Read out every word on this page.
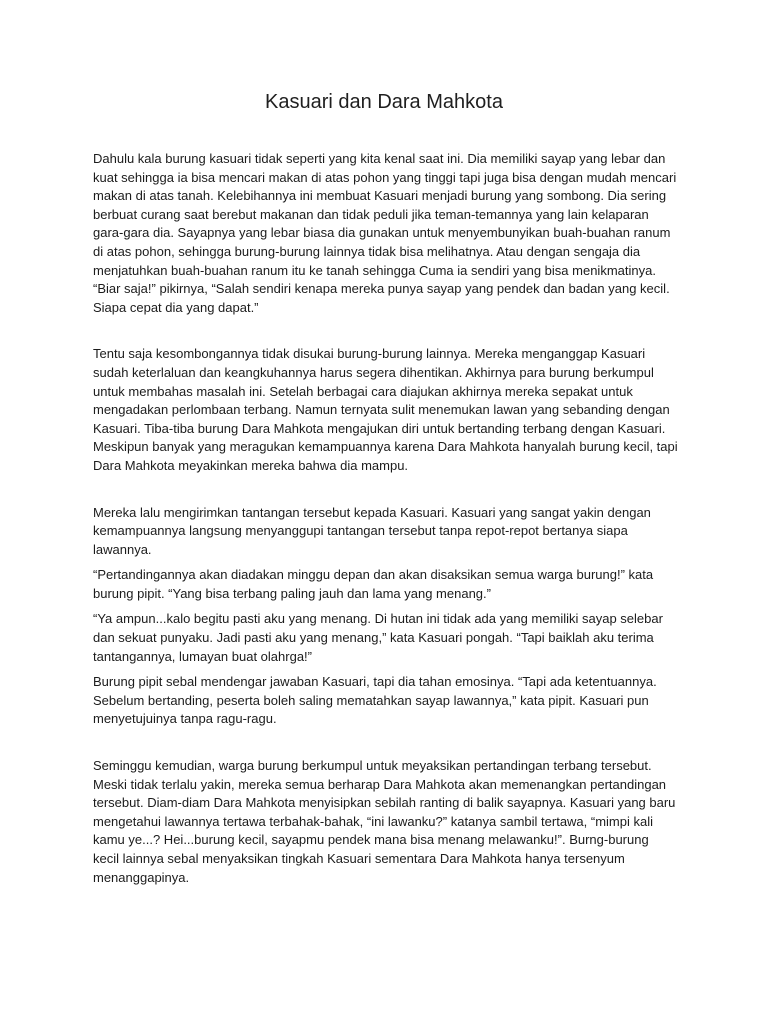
Kasuari dan Dara Mahkota

Dahulu kala burung kasuari tidak seperti yang kita kenal saat ini. Dia memiliki sayap yang lebar dan kuat sehingga ia bisa mencari makan di atas pohon yang tinggi tapi juga bisa dengan mudah mencari makan di atas tanah. Kelebihannya ini membuat Kasuari menjadi burung yang sombong. Dia sering berbuat curang saat berebut makanan dan tidak peduli jika teman-temannya yang lain kelaparan gara-gara dia. Sayapnya yang lebar biasa dia gunakan untuk menyembunyikan buah-buahan ranum di atas pohon, sehingga burung-burung lainnya tidak bisa melihatnya. Atau dengan sengaja dia menjatuhkan buah-buahan ranum itu ke tanah sehingga Cuma ia sendiri yang bisa menikmatinya. “Biar saja!” pikirnya, “Salah sendiri kenapa mereka punya sayap yang pendek dan badan yang kecil. Siapa cepat dia yang dapat.”

Tentu saja kesombongannya tidak disukai burung-burung lainnya. Mereka menganggap Kasuari sudah keterlaluan dan keangkuhannya harus segera dihentikan. Akhirnya para burung berkumpul untuk membahas masalah ini. Setelah berbagai cara diajukan akhirnya mereka sepakat untuk mengadakan perlombaan terbang. Namun ternyata sulit menemukan lawan yang sebanding dengan Kasuari. Tiba-tiba burung Dara Mahkota mengajukan diri untuk bertanding terbang dengan Kasuari. Meskipun banyak yang meragukan kemampuannya karena Dara Mahkota hanyalah burung kecil, tapi Dara Mahkota meyakinkan mereka bahwa dia mampu.

Mereka lalu mengirimkan tantangan tersebut kepada Kasuari. Kasuari yang sangat yakin dengan kemampuannya langsung menyanggupi tantangan tersebut tanpa repot-repot bertanya siapa lawannya.

“Pertandingannya akan diadakan minggu depan dan akan disaksikan semua warga burung!” kata burung pipit. “Yang bisa terbang paling jauh dan lama yang menang.”

“Ya ampun...kalo begitu pasti aku yang menang. Di hutan ini tidak ada yang memiliki sayap selebar dan sekuat punyaku. Jadi pasti aku yang menang,” kata Kasuari pongah. “Tapi baiklah aku terima tantangannya, lumayan buat olahrga!”

Burung pipit sebal mendengar jawaban Kasuari, tapi dia tahan emosinya. “Tapi ada ketentuannya. Sebelum bertanding, peserta boleh saling mematahkan sayap lawannya,” kata pipit. Kasuari pun menyetujuinya tanpa ragu-ragu.

Seminggu kemudian, warga burung berkumpul untuk meyaksikan pertandingan terbang tersebut. Meski tidak terlalu yakin, mereka semua berharap Dara Mahkota akan memenangkan pertandingan tersebut. Diam-diam Dara Mahkota menyisipkan sebilah ranting di balik sayapnya. Kasuari yang baru mengetahui lawannya tertawa terbahak-bahak, “ini lawanku?” katanya sambil tertawa, “mimpi kali kamu ye...? Hei...burung kecil, sayapmu pendek mana bisa menang melawanku!”. Burng-burung kecil lainnya sebal menyaksikan tingkah Kasuari sementara Dara Mahkota hanya tersenyum menanggapinya.
